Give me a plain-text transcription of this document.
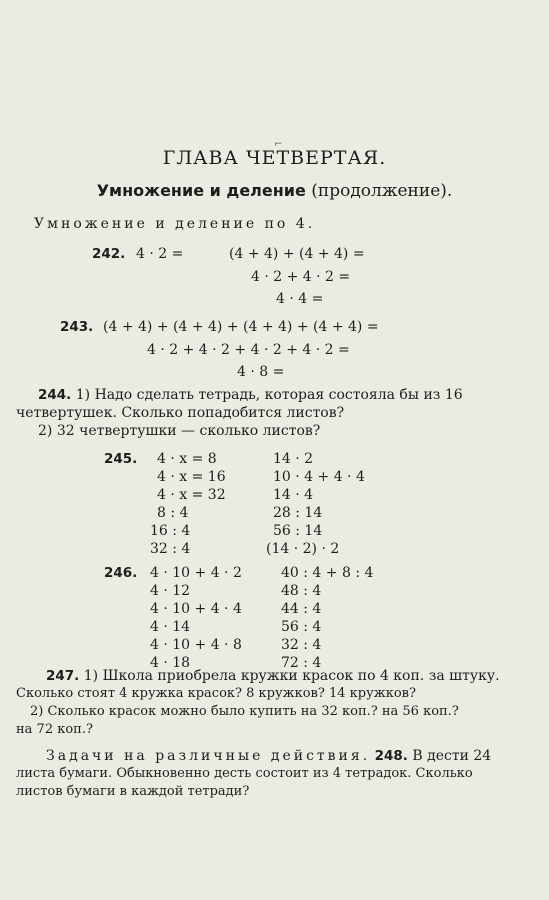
⌐
ГЛАВА ЧЕТВЕРТАЯ.
Умножение и деление (продолжение).
Умножение и деление по 4.
242. 4 · 2 =	(4 + 4) + (4 + 4) =
4 · 2 + 4 · 2 =
4 · 4 =
243. (4 + 4) + (4 + 4) + (4 + 4) + (4 + 4) =
4 · 2 + 4 · 2 + 4 · 2 + 4 · 2 =
4 · 8 =
244. 1) Надо сделать тетрадь, которая состояла бы из 16
четвертушек. Сколько попадобится листов?
2) 32 четвертушки — сколько листов?
245. 4 · x = 8
4 · x = 16
4 · x = 32
8 : 4
16 : 4
32 : 4
14 · 2
10 · 4 + 4 · 4
14 · 4
28 : 14
56 : 14
(14 · 2) · 2
246. 4 · 10 + 4 · 2
4 · 12
4 · 10 + 4 · 4
4 · 14
4 · 10 + 4 · 8
4 · 18
40 : 4 + 8 : 4
48 : 4
44 : 4
56 : 4
32 : 4
72 : 4
247. 1) Школа приобрела кружки красок по 4 коп. за штуку.
Сколько стоят 4 кружка красок? 8 кружков? 14 кружков?
2) Сколько красок можно было купить на 32 коп.? на 56 коп.?
на 72 коп.?
Задачи на различные действия. 248. В дести 24
листа бумаги. Обыкновенно десть состоит из 4 тетрадок. Сколько
листов бумаги в каждой тетради?
